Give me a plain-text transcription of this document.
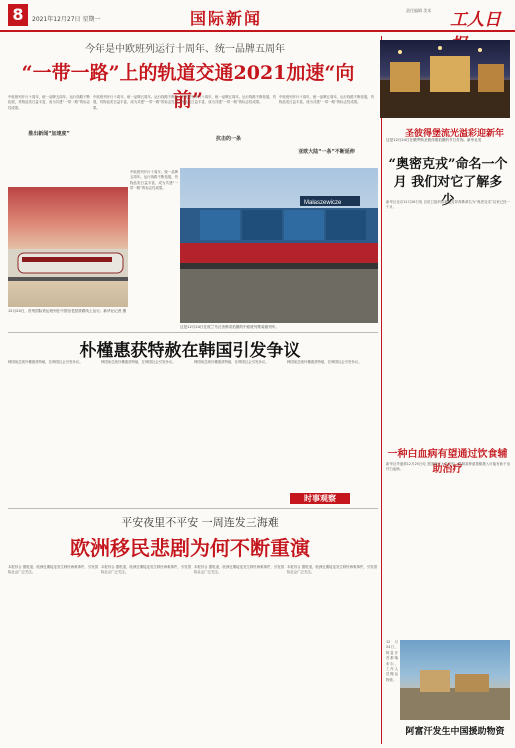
8	2021年12月27日 星期一	国际新闻	责任编辑 美术	工人日
今年是中欧班列运行十周年、统一品牌五周年
“一带一路”上的轨道交通2021加速“向前”
中欧班列开行十周年，统一品牌五周年。运行线路不断拓展，货物品类日益丰富，成为共建“一带一路”的标志性成果。
推出新闻“加速度”
中欧班列开行十周年，统一品牌五周年。运行线路不断拓展，货物品类日益丰富，成为共建“一带一路”的标志性成果。
中欧班列开行十周年，统一品牌五周年。运行线路不断拓展，货物品类日益丰富，成为共建“一带一路”的标志性成果。
抗击的一条
中欧班列开行十周年，统一品牌五周年。运行线路不断拓展，货物品类日益丰富，成为共建“一带一路”的标志性成果。
亚欧大陆“一条”不断延伸
12月24日，首列国际货运班列在中国至老挝铁路线上运行。新华社记者 摄
中欧班列开行十周年，统一品牌五周年。运行线路不断拓展，货物品类日益丰富，成为共建“一带一路”的标志性成果。
Małaszewicze
这是12月24日在波兰马瓦舍维奇拍摄的中欧班列集装箱列车。
朴槿惠获特赦在韩国引发争议
韩国前总统朴槿惠获特赦，在韩国社会引发争议。	韩国前总统朴槿惠获特赦，在韩国社会引发争议。	韩国前总统朴槿惠获特赦，在韩国社会引发争议。	韩国前总统朴槿惠获特赦，在韩国社会引发争议。
时事观察
平安夜里不平安 一周连发三海难
欧洲移民悲剧为何不断重演
本报综合 据报道，欧洲近期接连发生移民海难事件，引发国际社会广泛关注。
本报综合 据报道，欧洲近期接连发生移民海难事件，引发国际社会广泛关注。
本报综合 据报道，欧洲近期接连发生移民海难事件，引发国际社会广泛关注。
本报综合 据报道，欧洲近期接连发生移民海难事件，引发国际社会广泛关注。
圣彼得堡流光溢彩迎新年
这是12月24日在俄罗斯圣彼得堡拍摄的节日灯饰。新华社发
“奥密克戎”命名一个月 我们对它了解多少
新华社北京12月26日电 自世卫组织将新冠变异毒株命名为“奥密克戎”以来已经一个月。
一种白血病有望通过饮食辅助治疗
新华社华盛顿12月25日电 美国研究人员发现，限制某种氨基酸摄入可能有助于治疗白血病。
12月24日，阿富汗首都喀布尔，工作人员搬运物资。
阿富汗发生中国援助物资
